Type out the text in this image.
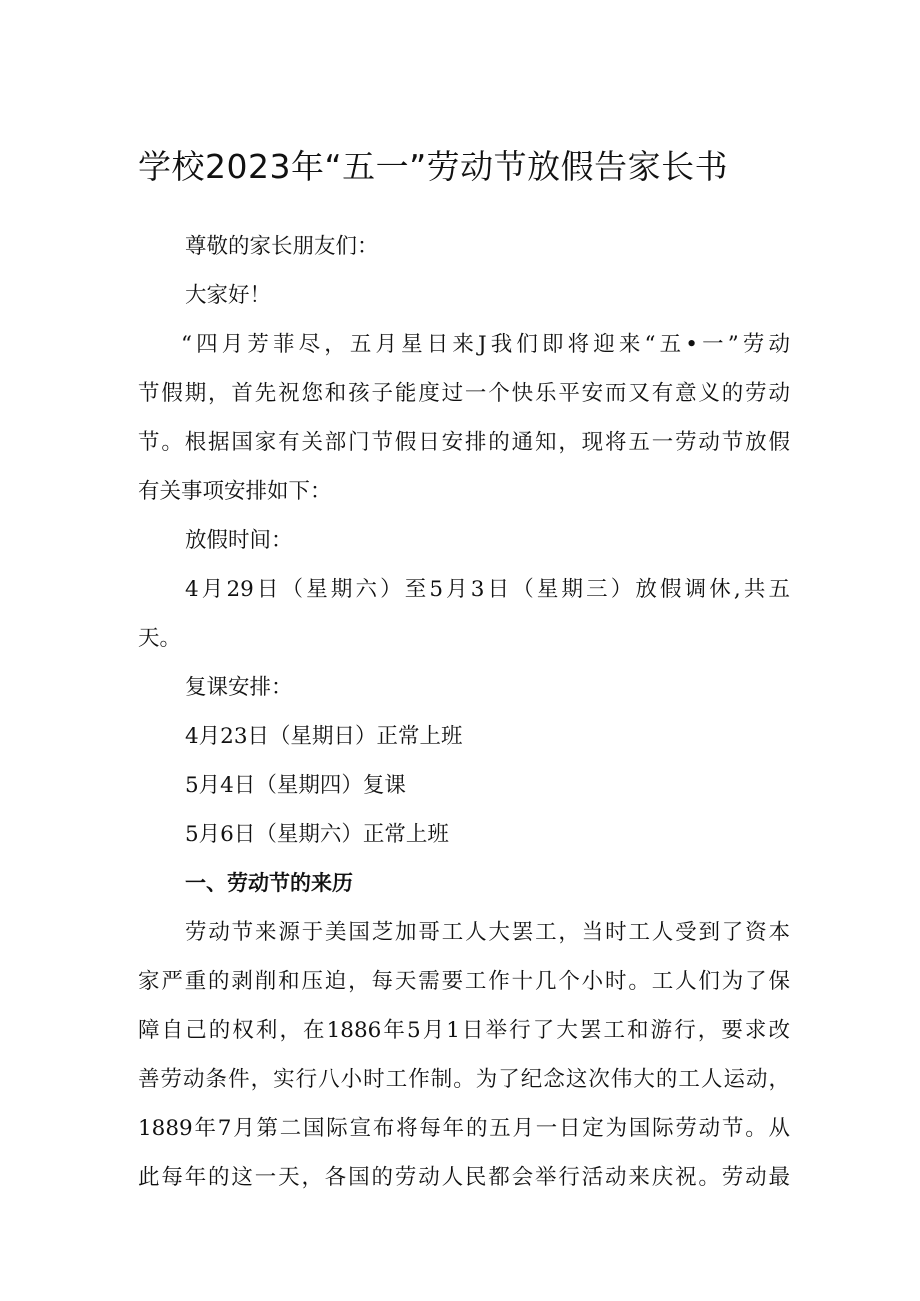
学校2023年“五一”劳动节放假告家长书

尊敬的家长朋友们：

大家好！

“四月芳菲尽，五月星日来J我们即将迎来“五•一”劳动

节假期，首先祝您和孩子能度过一个快乐平安而又有意义的劳动

节。根据国家有关部门节假日安排的通知，现将五一劳动节放假

有关事项安排如下：

放假时间：

4月29日（星期六）至5月3日（星期三）放假调休,共五

天。

复课安排：

4月23日（星期日）正常上班

5月4日（星期四）复课

5月6日（星期六）正常上班

一、劳动节的来历

劳动节来源于美国芝加哥工人大罢工，当时工人受到了资本

家严重的剥削和压迫，每天需要工作十几个小时。工人们为了保

障自己的权利，在1886年5月1日举行了大罢工和游行，要求改

善劳动条件，实行八小时工作制。为了纪念这次伟大的工人运动，

1889年7月第二国际宣布将每年的五月一日定为国际劳动节。从

此每年的这一天，各国的劳动人民都会举行活动来庆祝。劳动最
